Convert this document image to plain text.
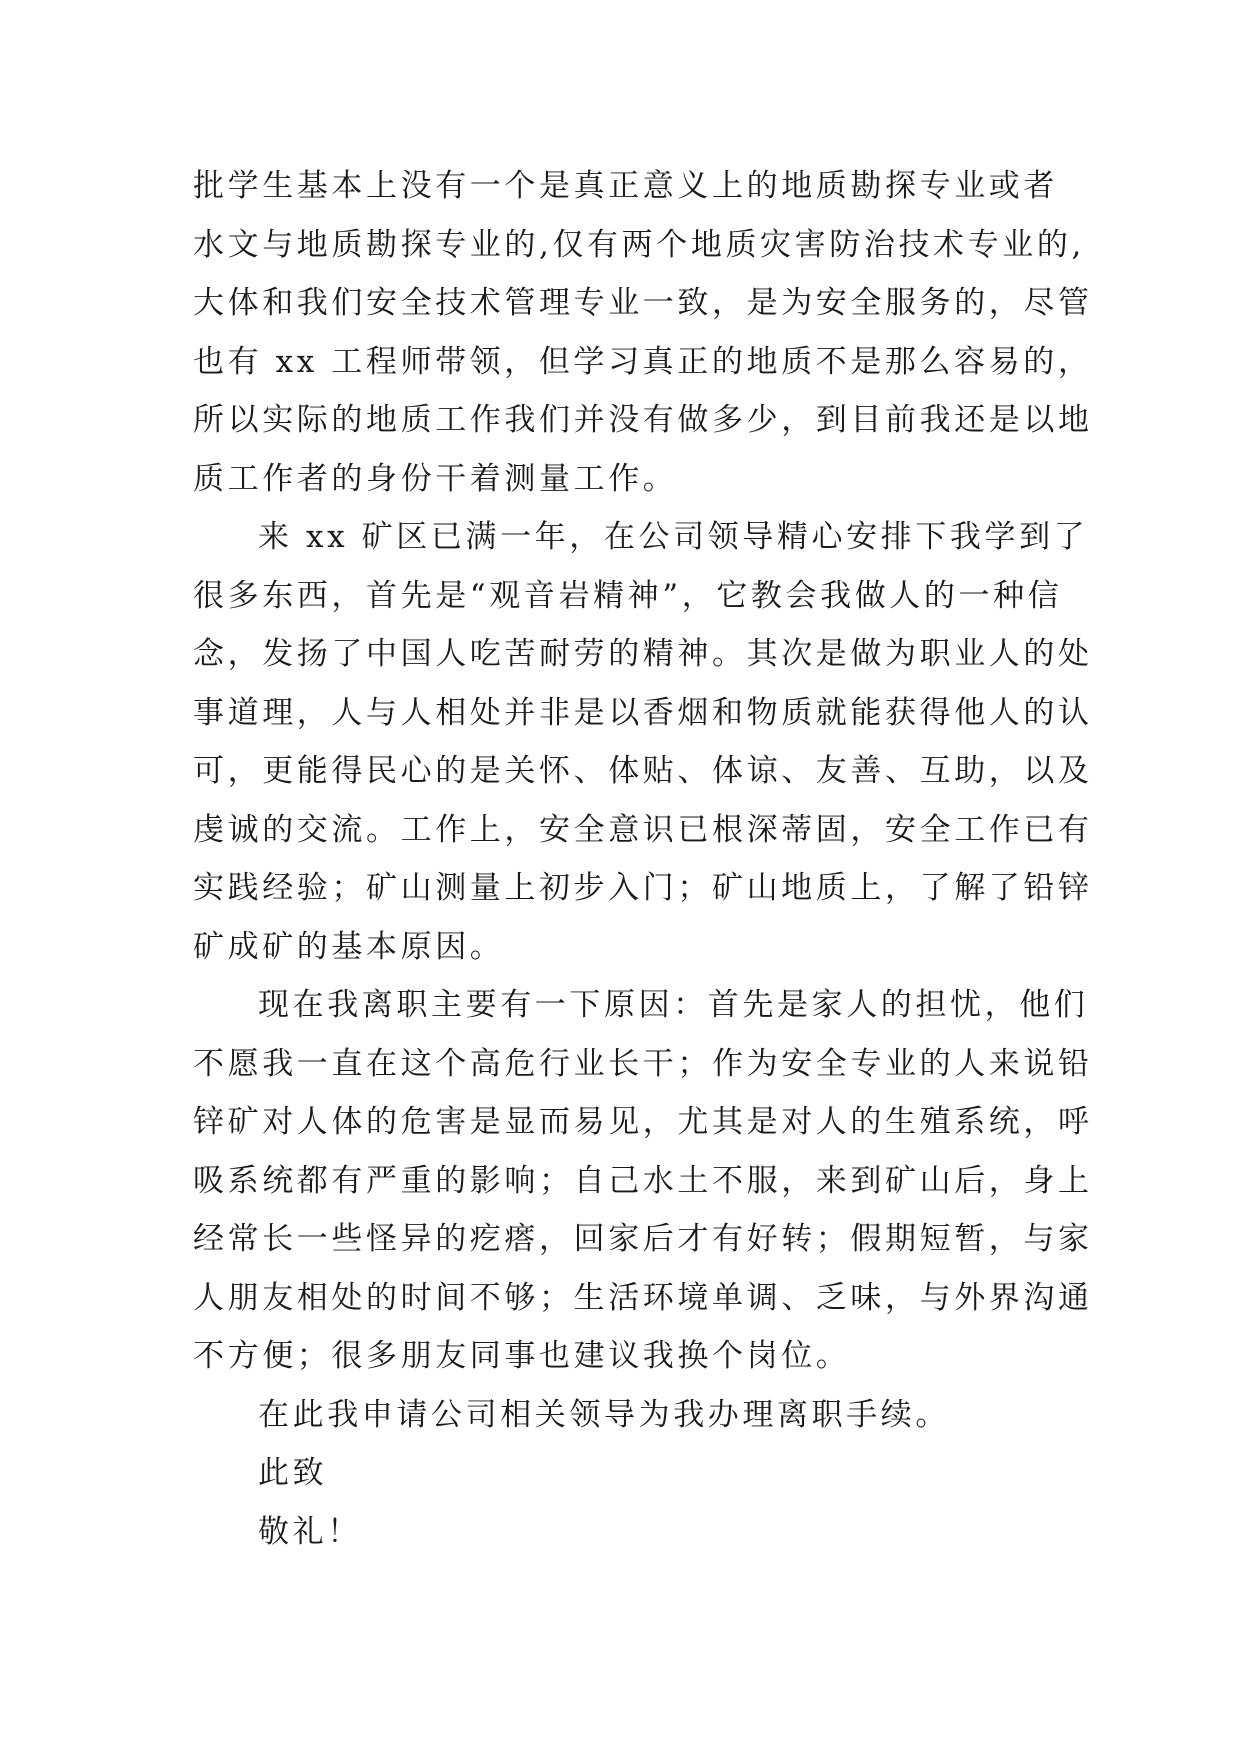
批学生基本上没有一个是真正意义上的地质勘探专业或者
水文与地质勘探专业的,仅有两个地质灾害防治技术专业的,
大体和我们安全技术管理专业一致，是为安全服务的，尽管
也有 xx 工程师带领，但学习真正的地质不是那么容易的，
所以实际的地质工作我们并没有做多少，到目前我还是以地
质工作者的身份干着测量工作。
来 xx 矿区已满一年，在公司领导精心安排下我学到了
很多东西，首先是“观音岩精神”，它教会我做人的一种信
念，发扬了中国人吃苦耐劳的精神。其次是做为职业人的处
事道理，人与人相处并非是以香烟和物质就能获得他人的认
可，更能得民心的是关怀、体贴、体谅、友善、互助，以及
虔诚的交流。工作上，安全意识已根深蒂固，安全工作已有
实践经验；矿山测量上初步入门；矿山地质上，了解了铅锌
矿成矿的基本原因。
现在我离职主要有一下原因：首先是家人的担忧，他们
不愿我一直在这个高危行业长干；作为安全专业的人来说铅
锌矿对人体的危害是显而易见，尤其是对人的生殖系统，呼
吸系统都有严重的影响；自己水土不服，来到矿山后，身上
经常长一些怪异的疙瘩，回家后才有好转；假期短暂，与家
人朋友相处的时间不够；生活环境单调、乏味，与外界沟通
不方便；很多朋友同事也建议我换个岗位。
在此我申请公司相关领导为我办理离职手续。
此致
敬礼！
